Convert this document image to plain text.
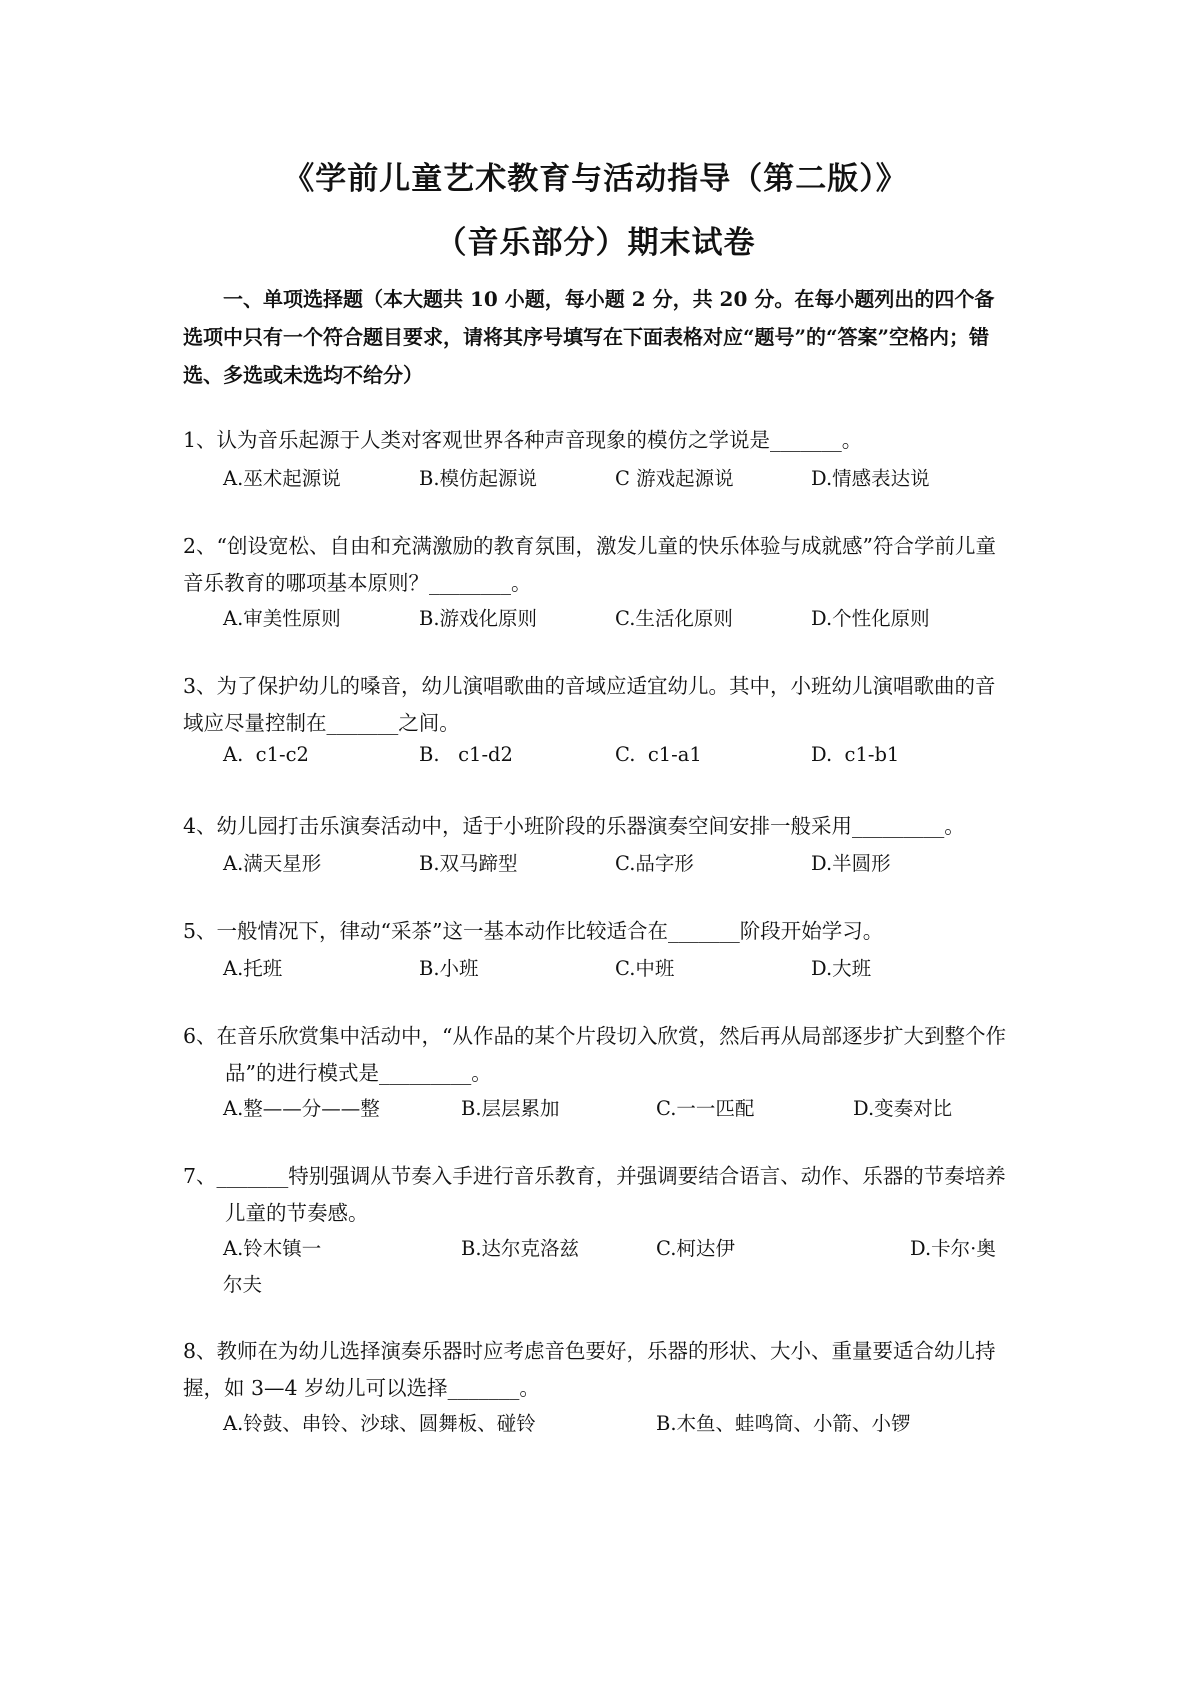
《学前儿童艺术教育与活动指导（第二版）》
（音乐部分）期末试卷
一、单项选择题（本大题共 10 小题，每小题 2 分，共 20 分。在每小题列出的四个备选项中只有一个符合题目要求，请将其序号填写在下面表格对应“题号”的“答案”空格内；错选、多选或未选均不给分）
1、认为音乐起源于人类对客观世界各种声音现象的模仿之学说是_______。
A.巫术起源说	B.模仿起源说	C 游戏起源说	D.情感表达说
2、“创设宽松、自由和充满激励的教育氛围，激发儿童的快乐体验与成就感”符合学前儿童
音乐教育的哪项基本原则？________。
A.审美性原则	B.游戏化原则	C.生活化原则	D.个性化原则
3、为了保护幼儿的嗓音，幼儿演唱歌曲的音域应适宜幼儿。其中，小班幼儿演唱歌曲的音
域应尽量控制在_______之间。
A.  c1-c2	B.   c1-d2	C.  c1-a1	D.  c1-b1
4、幼儿园打击乐演奏活动中，适于小班阶段的乐器演奏空间安排一般采用_________。
A.满天星形	B.双马蹄型	C.品字形	D.半圆形
5、一般情况下，律动“采茶”这一基本动作比较适合在_______阶段开始学习。
A.托班	B.小班	C.中班	D.大班
6、在音乐欣赏集中活动中，“从作品的某个片段切入欣赏，然后再从局部逐步扩大到整个作
品”的进行模式是_________。
A.整——分——整	B.层层累加	C.一一匹配	D.变奏对比
7、_______特别强调从节奏入手进行音乐教育，并强调要结合语言、动作、乐器的节奏培养
儿童的节奏感。
A.铃木镇一	B.达尔克洛兹	C.柯达伊	D.卡尔·奥
尔夫
8、教师在为幼儿选择演奏乐器时应考虑音色要好，乐器的形状、大小、重量要适合幼儿持
握，如 3—4 岁幼儿可以选择_______。
A.铃鼓、串铃、沙球、圆舞板、碰铃	B.木鱼、蛙鸣筒、小箭、小锣
